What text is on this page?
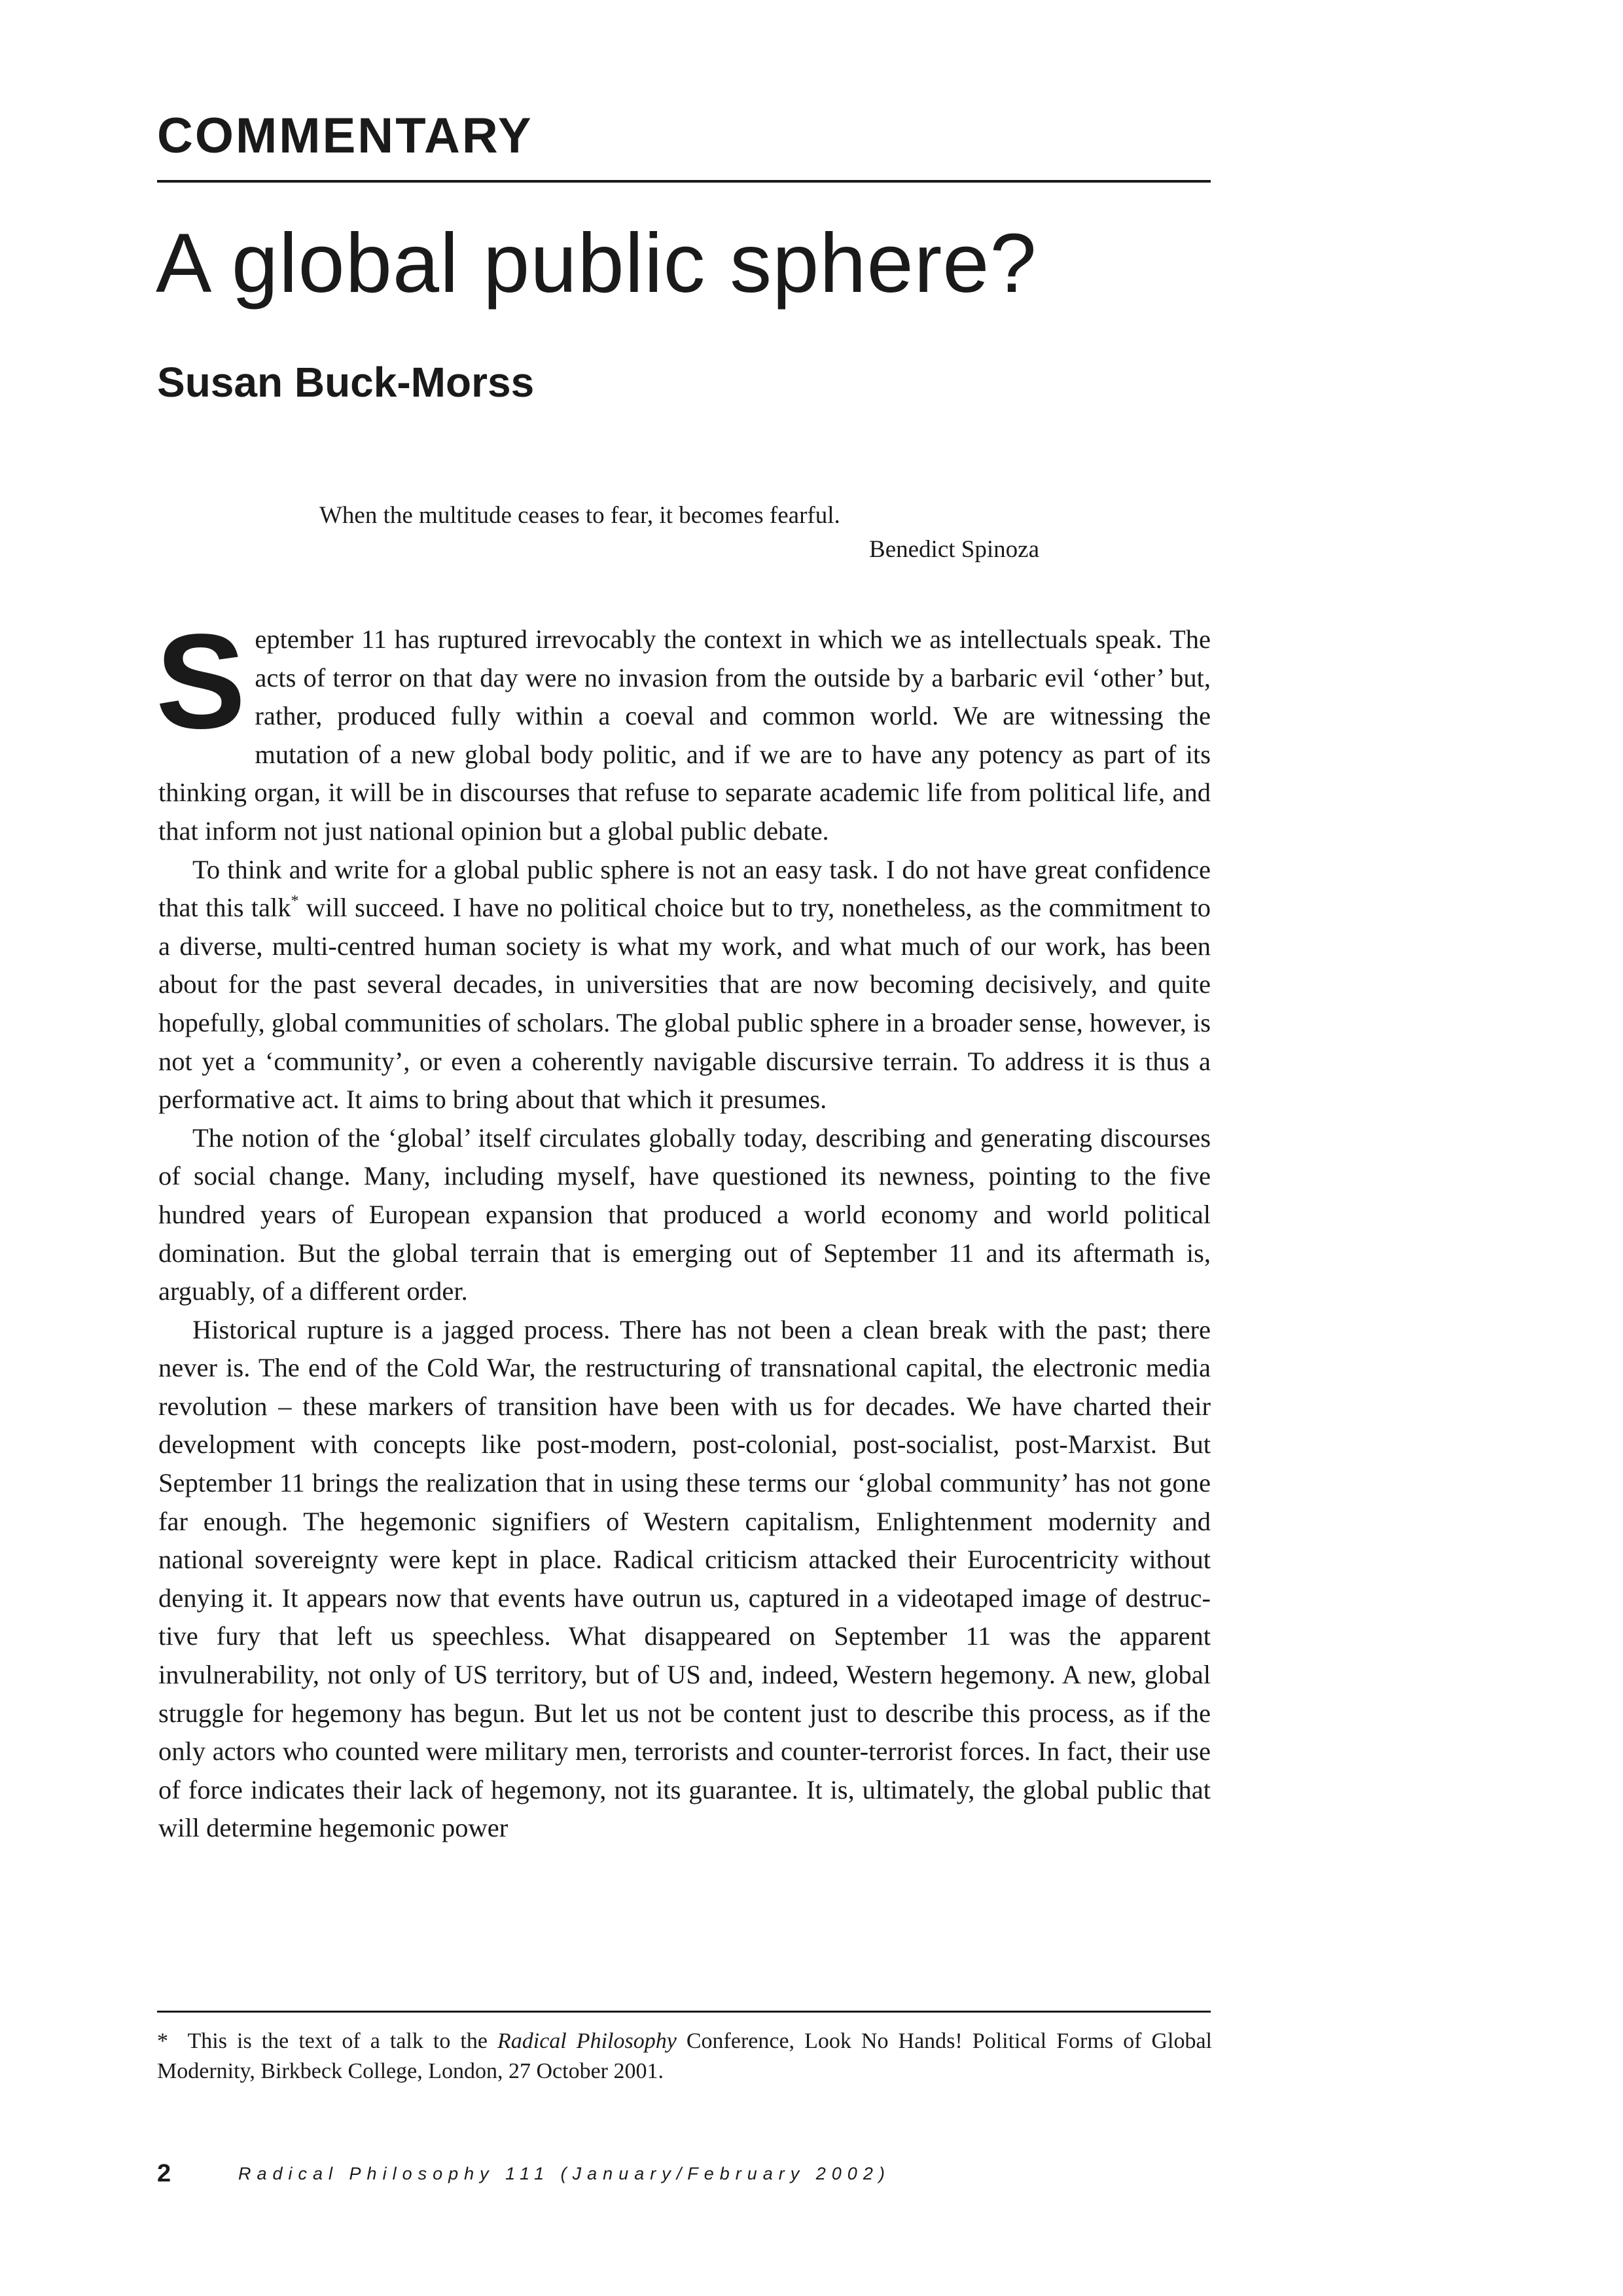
COMMENTARY
A global public sphere?
Susan Buck-Morss
When the multitude ceases to fear, it becomes fearful.
Benedict Spinoza

September 11 has ruptured irrevocably the context in which we as intellectuals speak. The acts of terror on that day were no invasion from the outside by a barbaric evil ‘other’ but, rather, produced fully within a coeval and common world. We are witnessing the mutation of a new global body politic, and if we are to have any potency as part of its thinking organ, it will be in discourses that refuse to separate academic life from political life, and that inform not just national opinion but a global public debate.

To think and write for a global public sphere is not an easy task. I do not have great confidence that this talk* will succeed. I have no political choice but to try, nonetheless, as the commitment to a diverse, multi-centred human society is what my work, and what much of our work, has been about for the past several decades, in universities that are now becoming decisively, and quite hopefully, global communities of scholars. The global public sphere in a broader sense, however, is not yet a ‘community’, or even a coherently navigable discursive terrain. To address it is thus a performative act. It aims to bring about that which it presumes.

The notion of the ‘global’ itself circulates globally today, describing and generating discourses of social change. Many, including myself, have questioned its newness, pointing to the five hundred years of European expansion that produced a world economy and world political domination. But the global terrain that is emerging out of September 11 and its aftermath is, arguably, of a different order.

Historical rupture is a jagged process. There has not been a clean break with the past; there never is. The end of the Cold War, the restructuring of transnational capital, the electronic media revolution – these markers of transition have been with us for decades. We have charted their development with concepts like post-modern, post-colonial, post-socialist, post-Marxist. But September 11 brings the realization that in using these terms our ‘global community’ has not gone far enough. The hegemonic signifiers of Western capitalism, Enlightenment modernity and national sovereignty were kept in place. Radical criticism attacked their Eurocentricity without denying it. It appears now that events have outrun us, captured in a videotaped image of destructive fury that left us speechless. What disappeared on September 11 was the apparent invulnerability, not only of US territory, but of US and, indeed, Western hegemony. A new, global struggle for hegemony has begun. But let us not be content just to describe this process, as if the only actors who counted were military men, terrorists and counter-terrorist forces. In fact, their use of force indicates their lack of hegemony, not its guarantee. It is, ultimately, the global public that will determine hegemonic power

* This is the text of a talk to the Radical Philosophy Conference, Look No Hands! Political Forms of Global Modernity, Birkbeck College, London, 27 October 2001.
2	Radical Philosophy 111 (January/February 2002)
